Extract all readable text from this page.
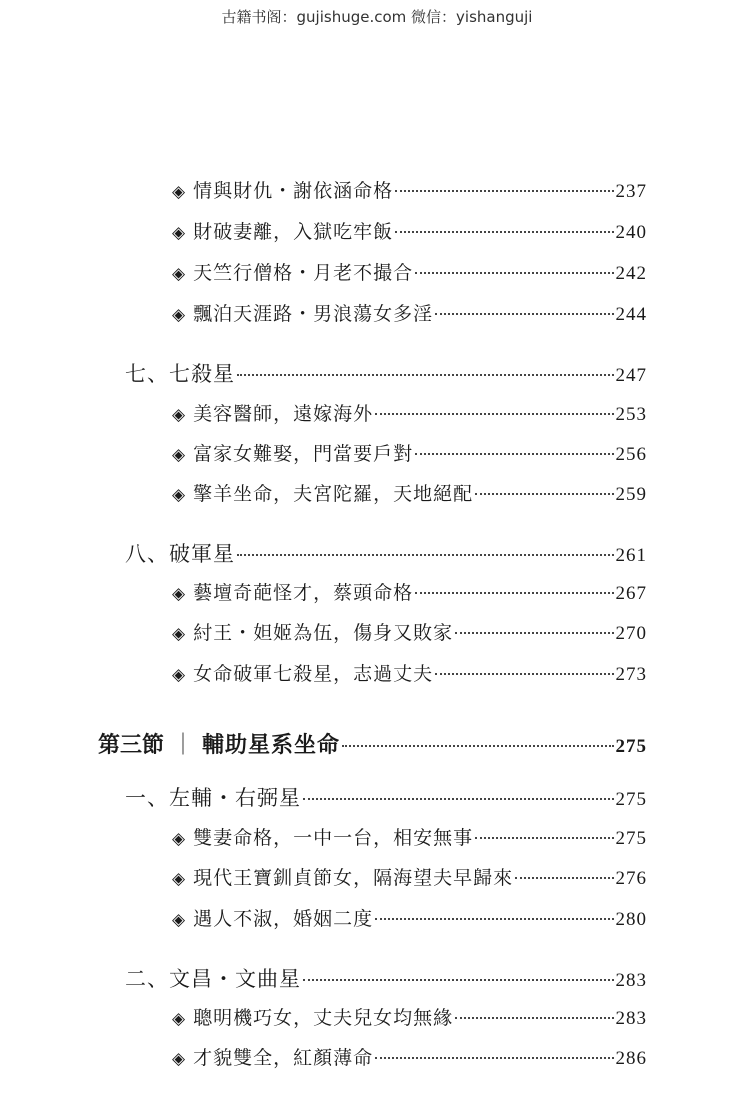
古籍书阁：gujishuge.com 微信：yishanguji
◈ 情與財仇・謝依涵命格	237
◈ 財破妻離，入獄吃牢飯	240
◈ 天竺行僧格・月老不撮合	242
◈ 飄泊天涯路・男浪蕩女多淫	244
七、七殺星	247
◈ 美容醫師，遠嫁海外	253
◈ 富家女難娶，門當要戶對	256
◈ 擎羊坐命，夫宮陀羅，天地絕配	259
八、破軍星	261
◈ 藝壇奇葩怪才，蔡頭命格	267
◈ 紂王・妲姬為伍，傷身又敗家	270
◈ 女命破軍七殺星，志過丈夫	273
第三節 ｜ 輔助星系坐命	275
一、左輔・右弼星	275
◈ 雙妻命格，一中一台，相安無事	275
◈ 現代王寶釧貞節女，隔海望夫早歸來	276
◈ 遇人不淑，婚姻二度	280
二、文昌・文曲星	283
◈ 聰明機巧女，丈夫兒女均無緣	283
◈ 才貌雙全，紅顏薄命	286
